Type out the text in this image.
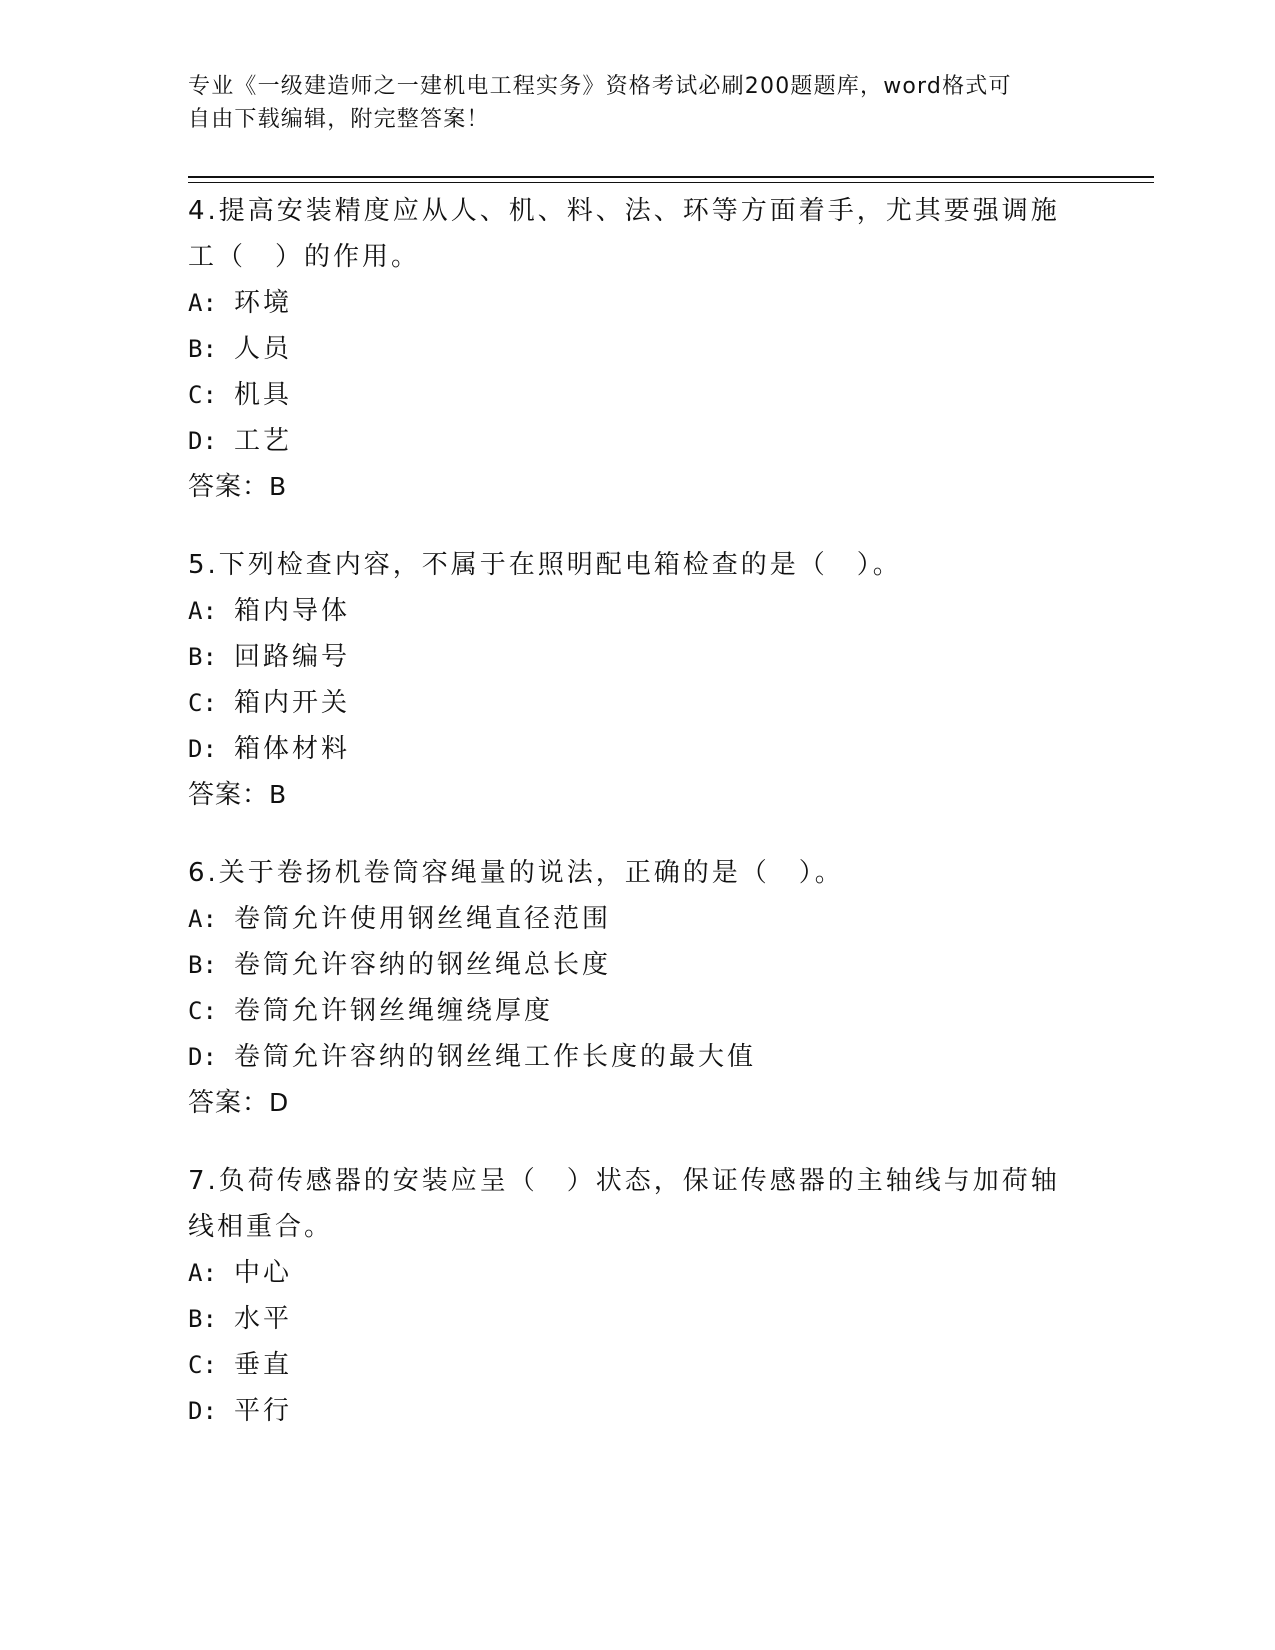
专业《一级建造师之一建机电工程实务》资格考试必刷200题题库，word格式可

自由下载编辑，附完整答案！

4.提高安装精度应从人、机、料、法、环等方面着手，尤其要强调施工（　）的作用。

A: 环境

B: 人员

C: 机具

D: 工艺

答案：B

5.下列检查内容，不属于在照明配电箱检查的是（　）。

A: 箱内导体

B: 回路编号

C: 箱内开关

D: 箱体材料

答案：B

6.关于卷扬机卷筒容绳量的说法，正确的是（　）。

A: 卷筒允许使用钢丝绳直径范围

B: 卷筒允许容纳的钢丝绳总长度

C: 卷筒允许钢丝绳缠绕厚度

D: 卷筒允许容纳的钢丝绳工作长度的最大值

答案：D

7.负荷传感器的安装应呈（　）状态，保证传感器的主轴线与加荷轴线相重合。

A: 中心

B: 水平

C: 垂直

D: 平行
